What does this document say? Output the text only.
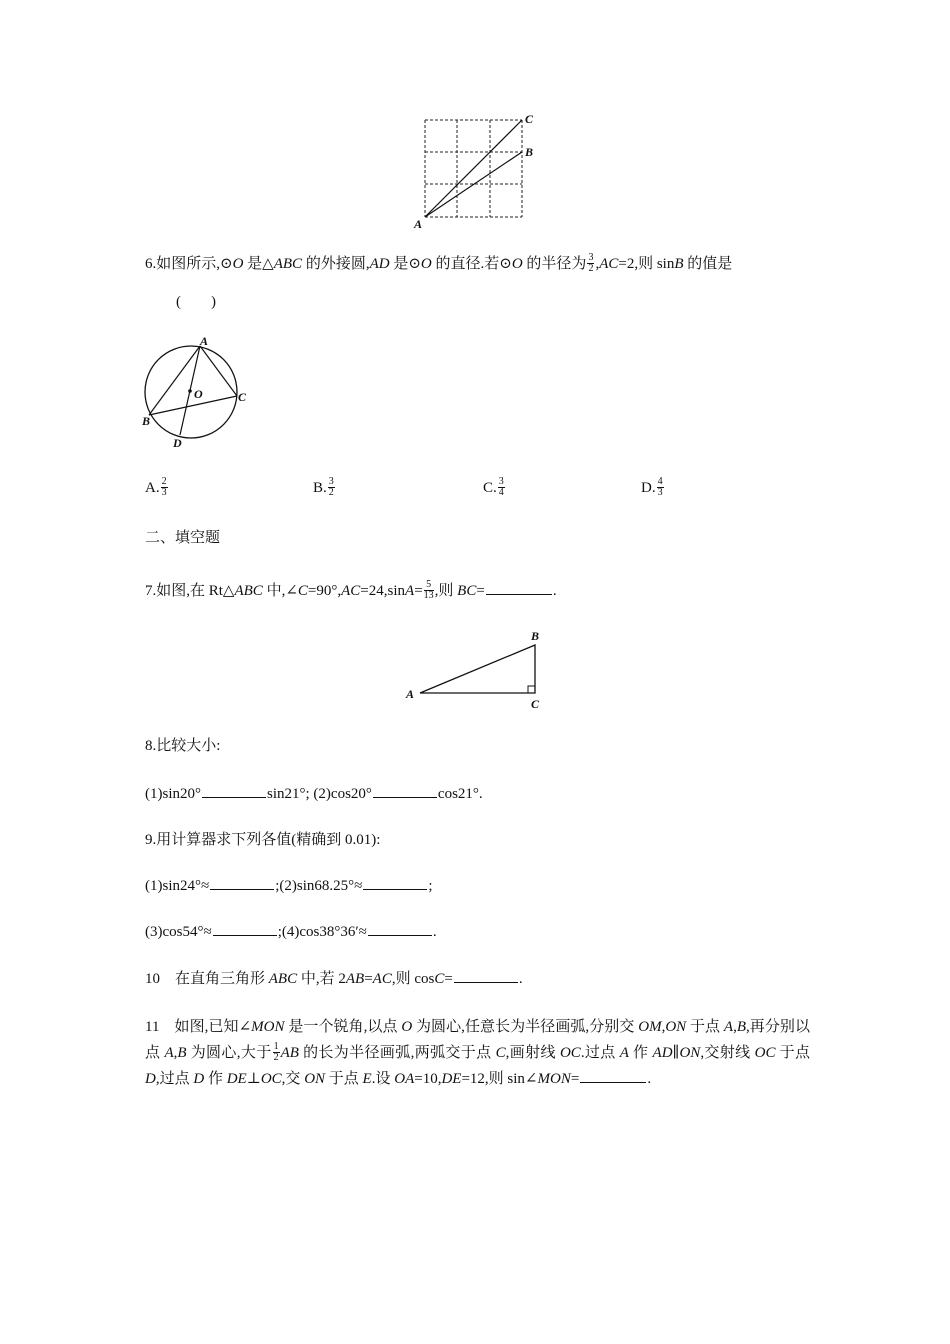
C
B
A
6.如图所示,⊙O 是△ABC 的外接圆,AD 是⊙O 的直径.若⊙O 的半径为 $\frac{3}{2} ,AC=2$,则 sinB 的值是
(　　)
A
O	C
B
D
A. $\frac{2}{3}$	B. $\frac{3}{2}$	C. $\frac{3}{4}$	D. $\frac{4}{3}$
二、填空题
7.如图,在 Rt△ABC 中,∠C=90°,AC=24,sinA= $\frac{5}{13}$ ,则 BC=	.
B
A
C
8.比较大小:
(1)sin20°	sin21°; (2)cos20°	cos21°.
9.用计算器求下列各值(精确到 0.01):
(1)sin24°≈	;(2)sin68.25°≈	;
(3)cos54°≈	;(4)cos38°36′≈	.
10　在直角三角形 ABC 中,若 2AB=AC,则 cosC=	.
11　如图,已知∠MON 是一个锐角,以点 O 为圆心,任意长为半径画弧,分别交 OM,ON 于点 A,B,再分别以点 A,B 为圆心,大于 $\frac{1}{2}$ AB 的长为半径画弧,两弧交于点 C,画射线 OC.过点 A 作 AD∥ON,交射线 OC 于点 D,过点 D 作 DE⊥OC,交 ON 于点 E.设 OA=10,DE=12,则 sin∠MON=	.
